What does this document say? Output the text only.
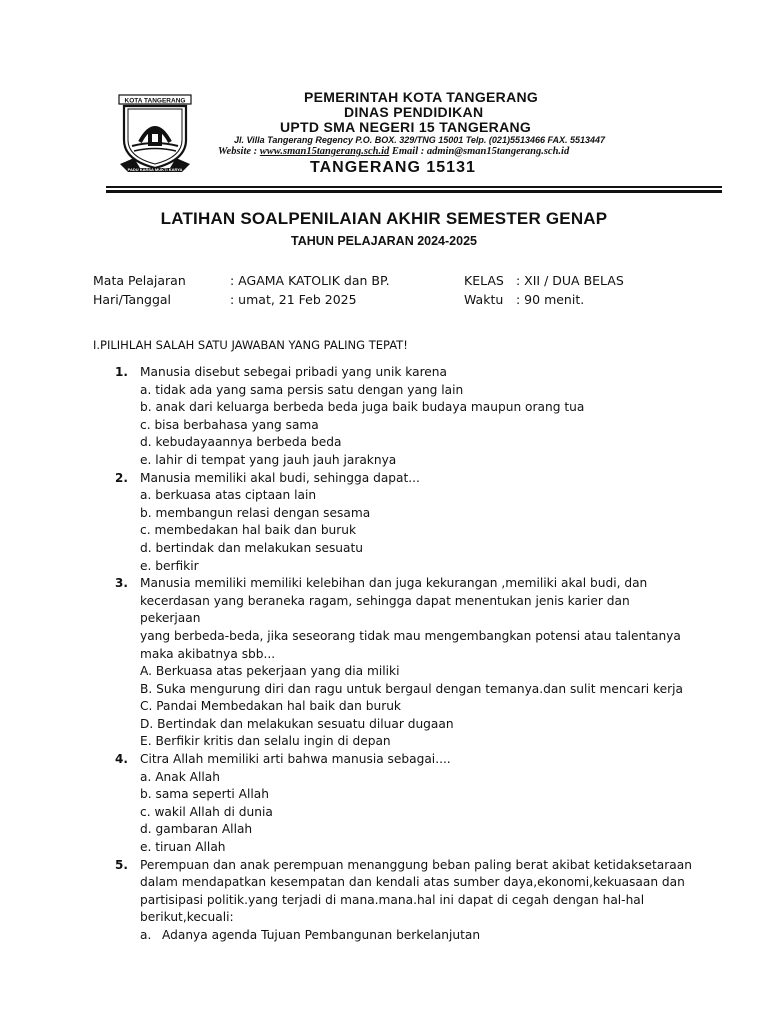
KOTA TANGERANG
PADU KARSA MUKTI KARYA
PEMERINTAH KOTA TANGERANG
DINAS PENDIDIKAN
UPTD SMA NEGERI 15 TANGERANG
Jl. Villa Tangerang Regency P.O. BOX. 329/TNG 15001 Telp. (021)5513466 FAX. 5513447
Website : www.sman15tangerang.sch.id Email : admin@sman15tangerang.sch.id
TANGERANG 15131
LATIHAN SOALPENILAIAN AKHIR SEMESTER GENAP
TAHUN PELAJARAN 2024-2025
Mata Pelajaran	: AGAMA KATOLIK dan BP.	KELAS : XII / DUA BELAS
Hari/Tanggal	: umat, 21 Feb 2025	Waktu : 90 menit.
I.PILIHLAH SALAH SATU JAWABAN YANG PALING TEPAT!
1. Manusia disebut sebegai pribadi yang unik karena
a. tidak ada yang sama persis satu dengan yang lain
b. anak dari keluarga berbeda beda juga baik budaya maupun orang tua
c. bisa berbahasa yang sama
d. kebudayaannya berbeda beda
e. lahir di tempat yang jauh jauh jaraknya
2. Manusia memiliki akal budi, sehingga dapat...
a. berkuasa atas ciptaan lain
b. membangun relasi dengan sesama
c. membedakan hal baik dan buruk
d. bertindak dan melakukan sesuatu
e. berfikir
3. Manusia memiliki memiliki kelebihan dan juga kekurangan ,memiliki akal budi, dan
kecerdasan yang beraneka ragam, sehingga dapat menentukan jenis karier dan pekerjaan
yang berbeda-beda, jika seseorang tidak mau mengembangkan potensi atau talentanya
maka akibatnya sbb...
A. Berkuasa atas pekerjaan yang dia miliki
B. Suka mengurung diri dan ragu untuk bergaul dengan temanya.dan sulit mencari kerja
C. Pandai Membedakan hal baik dan buruk
D. Bertindak dan melakukan sesuatu diluar dugaan
E. Berfikir kritis dan selalu ingin di depan
4. Citra Allah memiliki arti bahwa manusia sebagai....
a. Anak Allah
b. sama seperti Allah
c. wakil Allah di dunia
d. gambaran Allah
e. tiruan Allah
5. Perempuan dan anak perempuan menanggung beban paling berat akibat ketidaksetaraan
dalam mendapatkan kesempatan dan kendali atas sumber daya,ekonomi,kekuasaan dan
partisipasi politik.yang terjadi di mana.mana.hal ini dapat di cegah dengan hal-hal
berikut,kecuali:
a. Adanya agenda Tujuan Pembangunan berkelanjutan
